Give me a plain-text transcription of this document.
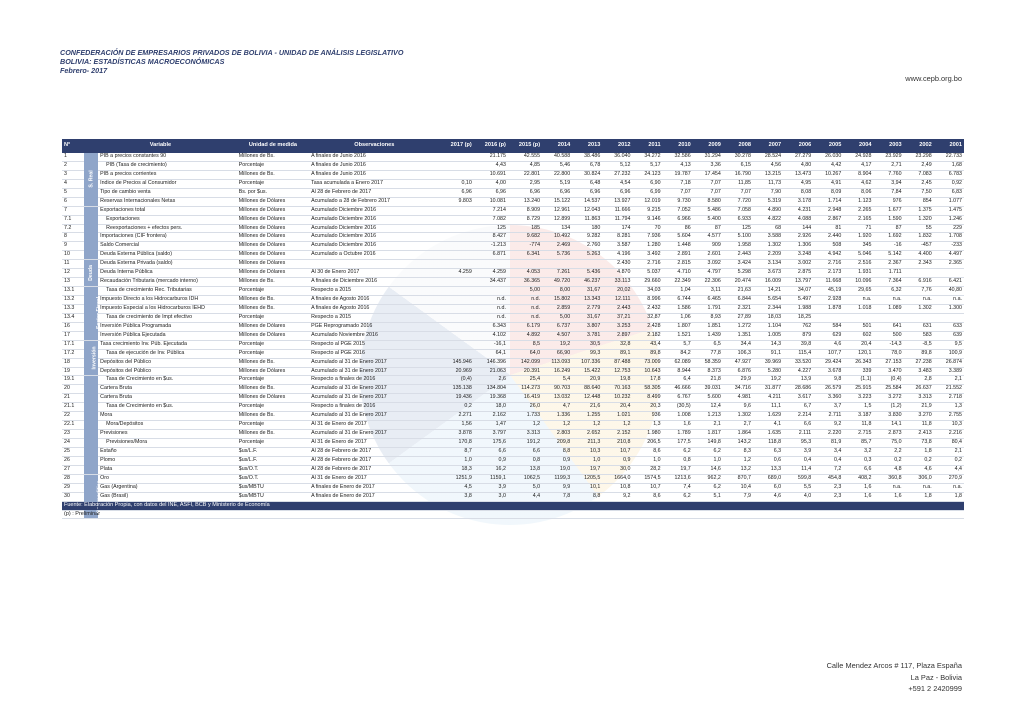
CONFEDERACIÓN DE EMPRESARIOS PRIVADOS DE BOLIVIA - UNIDAD DE ANÁLISIS LEGISLATIVO
BOLIVIA: ESTADÍSTICAS MACROECONÓMICAS
Febrero- 2017
www.cepb.org.bo
N°	Variable		Unidad de medida	Observaciones	2017 (p)	2016 (p)	2015 (p)	2014	2013	2012	2011	2010	2009	2008	2007	2006	2005	2004	2003	2002	2001
1	S. Real	PIB a precios constantes 90	Millones de Bs.	A finales de Junio 2016		21.175	42.555	40.588	38.486	36.040	34.272	32.586	31.294	30.278	28.524	27.279	26.030	24.928	23.929	23.298	22.733
2		PIB (Tasa de crecimiento)	Porcentaje	A finales de Junio 2016		4,43	4,85	5,46	6,78	5,12	5,17	4,13	3,36	6,15	4,56	4,80	4,42	4,17	2,71	2,49	1,68
3		PIB a precios corrientes	Millones de Bs.	A finales de Junio 2016		10.691	22.801	22.800	30.824	27.232	24.123	19.787	17.454	16.790	13.215	13.473	10.267	8.904	7.760	7.083	6.783
4		Índice de Precios al Consumidor	Porcentaje	Tasa acumulada a Enero 2017	0,10	4,00	2,95	5,19	6,48	4,54	6,90	7,18	7,07	11,85	11,73	4,95	4,91	4,62	3,94	2,45	0,92
5		Tipo de cambio venta	Bs. por $us.	Al 28 de Febrero de 2017	6,96	6,96	6,96	6,96	6,96	6,96	6,99	7,07	7,07	7,07	7,90	8,08	8,09	8,06	7,84	7,50	6,83
6		Reservas Internacionales Netas	Millones de Dólares	Acumulado a 28 de Febrero 2017	9.803	10.081	13.240	15.122	14.537	13.927	12.019	9.730	8.580	7.720	5.319	3.178	1.714	1.123	976	854	1.077
7		Exportaciones total	Millones de Dólares	Acumulado Diciembre 2016		7.214	8.909	12.961	12.043	11.666	9.215	7.052	5.486	7.058	4.890	4.231	2.948	2.265	1.677	1.375	1.475
7.1		Exportaciones	Millones de Dólares	Acumulado Diciembre 2016		7.082	8.729	12.899	11.863	11.794	9.146	6.966	5.400	6.933	4.822	4.088	2.867	2.165	1.590	1.320	1.246
7.2		Reexportaciones + efectos pers.	Millones de Dólares	Acumulado Diciembre 2016		125	185	134	180	174	70	86	87	125	68	144	81	71	87	55	229
8		Importaciones (CIF frontera)	Millones de Dólares	Acumulado Diciembre 2016		8.427	9.682	10.492	9.282	8.281	7.936	5.604	4.577	5.100	3.588	2.926	2.440	1.920	1.692	1.832	1.708
9		Saldo Comercial	Millones de Dólares	Acumulado Diciembre 2016		-1.213	-774	2.469	2.760	3.587	1.280	1.448	909	1.958	1.302	1.306	508	345	-16	-457	-233
10		Deuda Externa Pública (saldo)	Millones de Dólares	Acumulado a Octubre 2016		6.871	6.341	5.736	5.263	4.196	3.492	2.891	2.601	2.443	2.209	3.248	4.942	5.046	5.142	4.400	4.497
11	Deuda	Deuda Externa Privada (saldo)	Millones de Dólares							2.430	2.716	2.815	3.092	3.424	3.134	3.002	2.716	2.516	2.367	2.343	2.365
12		Deuda Interna Pública	Millones de Dólares	Al 30 de Enero 2017	4.259	4.259	4.053	7.261	5.436	4.870	5.037	4.710	4.797	5.298	3.673	2.875	2.173	1.931	1.711		
13		Recaudación Tributaria (mercado interno)	Millones de Bs.	A finales de Diciembre 2016		34.437	36.365	49.720	46.237	33.113	29.660	22.349	22.306	20.474	16.009	13.797	11.668	10.096	7.364	6.916	6.421
13.1		Tasa de crecimiento Rec. Tributarias	Porcentaje	Respecto a 2015			5,00	8,00	31,67	20,02	34,03	1,04	3,11	21,63	14,21	34,07	45,19	29,65	6,32	7,76	40,80
13.2		Impuesto Directo a los Hidrocarburos IDH	Millones de Bs.	A finales de Agosto 2016		n.d.	n.d.	15.802	13.343	12.111	8.996	6.744	6.465	6.844	5.654	5.497	2.928	n.a.	n.a.	n.a.	n.a.
13.3		Impuesto Especial a los Hidrocarburos IEHD	Millones de Bs.	A finales de Agosto 2016		n.d.	n.d.	2.859	2.779	2.443	2.432	1.586	1.791	2.321	2.344	1.988	1.878	1.018	1.089	1.302	1.300
13.4		Tasa de crecimiento de Impt efectivo	Porcentaje	Respecto a 2015		n.d.	n.d.	5,00	31,67	37,21	32,87	1,06	8,93	27,89	18,03	18,25					
16		Inversión Pública Programada	Millones de Dólares	PGE Reprogramado 2016		6.343	6.179	6.737	3.807	3.253	2.428	1.807	1.851	1.272	1.104	762	584	501	641	631	633
17		Inversión Pública Ejecutada	Millones de Dólares	Acumulado Noviembre 2016		4.102	4.892	4.507	3.781	2.897	2.182	1.521	1.439	1.351	1.005	879	629	602	500	583	639
17.1	Inversión	Tasa crecimiento Inv. Púb. Ejecutada	Porcentaje	Respecto al PGE 2015		-16,1	8,5	19,2	30,5	32,8	43,4	5,7	6,5	34,4	14,3	39,8	4,6	20,4	-14,3	-8,5	9,5
17.2		Tasa de ejecución de Inv. Pública	Porcentaje	Respecto al PGE 2016		64,1	64,0	66,90	99,3	89,1	89,8	84,2	77,8	106,3	91,1	115,4	107,7	120,1	78,0	89,8	100,9
18		Depósitos del Público	Millones de Bs.	Acumulado al 31 de Enero 2017	145.946	146.396	142.099	113.093	107.336	87.488	73.009	62.089	58.359	47.927	39.969	33.520	29.424	26.343	27.153	27.238	26.874
19		Depósitos del Público	Millones de Dólares	Acumulado al 31 de Enero 2017	20.969	21.063	20.391	16.249	15.422	12.753	10.643	8.944	8.373	6.876	5.280	4.227	3.678	339	3.470	3.483	3.389
19.1		Tasa de Crecimiento en $us.	Porcentaje	Respecto a finales de 2016	(0,4)	2,6	25,4	5,4	20,9	19,8	17,8	6,4	21,8	29,9	19,2	13,9	9,8	(1,1)	(0,4)	2,8	2,1
20		Cartera Bruta	Millones de Bs.	Acumulado al 31 de Enero 2017	135.138	134.804	114.273	90.703	88.640	70.163	58.305	46.666	39.031	34.716	31.877	28.686	26.579	25.915	25.584	26.637	21.552
21		Cartera Bruta	Millones de Dólares	Acumulado al 31 de Enero 2017	19.436	19.368	16.419	13.032	12.448	10.232	8.499	6.767	5.600	4.981	4.211	3.617	3.360	3.223	3.272	3.313	2.718
21.1		Tasa de Crecimiento en $us.	Porcentaje	Respecto a finales de 2016	0,2	18,0	26,0	4,7	21,6	20,4	20,3	(30,5)	12,4	9,6	11,1	6,7	3,7	1,5	(1,2)	21,9	1,3
22		Mora	Millones de Bs.	Acumulado al 31 de Enero 2017	2.271	2.162	1.733	1.336	1.255	1.021	936	1.008	1.213	1.302	1.629	2.214	2.711	3.187	3.830	3.270	2.755
22.1		Mora/Depósitos	Porcentaje	Al 31 de Enero de 2017	1,56	1,47	1,2	1,2	1,2	1,2	1,3	1,6	2,1	2,7	4,1	6,6	9,2	11,8	14,1	11,8	10,3
23		Previsiones	Millones de Bs.	Acumulado al 31 de Enero 2017	3.878	3.797	3.313	2.803	2.652	2.152	1.980	1.789	1.817	1.864	1.635	2.111	2.220	2.715	2.873	2.413	2.216
24		Previsiones/Mora	Porcentaje	Al 31 de Enero de 2017	170,8	175,6	191,2	209,8	211,3	210,8	206,5	177,5	149,8	143,2	118,8	95,3	81,9	85,7	75,0	73,8	80,4
25		Estaño	$us/L.F.	Al 28 de Febrero de 2017	8,7	6,6	6,6	8,8	10,3	10,7	8,6	6,2	6,2	8,3	6,3	3,9	3,4	3,2	2,2	1,8	2,1
26		Plomo	$us/L.F.	Al 28 de Febrero de 2017	1,0	0,9	0,8	0,9	1,0	0,9	1,0	0,8	1,0	1,2	0,6	0,4	0,4	0,3	0,2	0,2	0,2
27		Plata	$us/O.T.	Al 28 de Febrero de 2017	18,3	16,2	13,8	19,0	19,7	30,0	28,2	19,7	14,6	13,2	13,3	11,4	7,2	6,6	4,8	4,6	4,4
28		Oro	$us/O.T.	Al 31 de Enero de 2017	1251,9	1159,1	1062,5	1199,3	1205,5	1664,0	1574,5	1213,6	962,2	870,7	689,0	599,8	454,8	408,2	360,8	306,0	270,9
29		Gas (Argentina)	$us/MBTU	A finales de Enero de 2017	4,5	3,9	5,0	9,9	10,1	10,8	10,7	7,4	6,2	10,4	6,0	5,5	2,3	1,6	n.a.	n.a.	n.a.
30		Gas (Brasil)	$us/MBTU	A finales de Enero de 2017	3,8	3,0	4,4	7,8	8,8	9,2	8,6	6,2	5,1	7,9	4,6	4,0	2,3	1,6	1,6	1,8	1,8
Fuente: Elaboración Propia, con datos del INE, ASFI, BCB y Ministerio de Economía																					
(p) : Preliminar																					
Calle Mendez Arcos # 117, Plaza España
La Paz - Bolivia
+591 2 2420999
